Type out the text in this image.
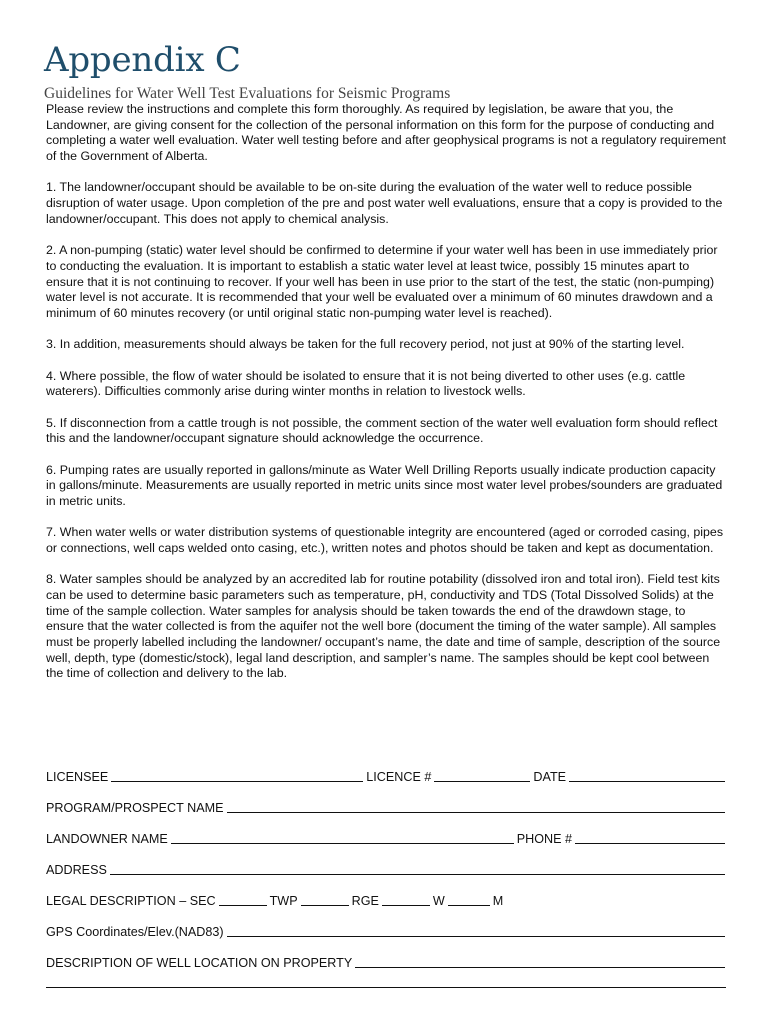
Appendix C

Guidelines for Water Well Test Evaluations for Seismic Programs

Please review the instructions and complete this form thoroughly. As required by legislation, be aware that you, the Landowner, are giving consent for the collection of the personal information on this form for the purpose of conducting and completing a water well evaluation. Water well testing before and after geophysical programs is not a regulatory requirement of the Government of Alberta.

1. The landowner/occupant should be available to be on-site during the evaluation of the water well to reduce possible disruption of water usage. Upon completion of the pre and post water well evaluations, ensure that a copy is provided to the landowner/occupant. This does not apply to chemical analysis.

2. A non-pumping (static) water level should be confirmed to determine if your water well has been in use immediately prior to conducting the evaluation. It is important to establish a static water level at least twice, possibly 15 minutes apart to ensure that it is not continuing to recover. If your well has been in use prior to the start of the test, the static (non-pumping) water level is not accurate. It is recommended that your well be evaluated over a minimum of 60 minutes drawdown and a minimum of 60 minutes recovery (or until original static non-pumping water level is reached).

3. In addition, measurements should always be taken for the full recovery period, not just at 90% of the starting level.

4. Where possible, the flow of water should be isolated to ensure that it is not being diverted to other uses (e.g. cattle waterers). Difficulties commonly arise during winter months in relation to livestock wells.

5. If disconnection from a cattle trough is not possible, the comment section of the water well evaluation form should reflect this and the landowner/occupant signature should acknowledge the occurrence.

6. Pumping rates are usually reported in gallons/minute as Water Well Drilling Reports usually indicate production capacity in gallons/minute. Measurements are usually reported in metric units since most water level probes/sounders are graduated in metric units.

7. When water wells or water distribution systems of questionable integrity are encountered (aged or corroded casing, pipes or connections, well caps welded onto casing, etc.), written notes and photos should be taken and kept as documentation.

8. Water samples should be analyzed by an accredited lab for routine potability (dissolved iron and total iron). Field test kits can be used to determine basic parameters such as temperature, pH, conductivity and TDS (Total Dissolved Solids) at the time of the sample collection. Water samples for analysis should be taken towards the end of the drawdown stage, to ensure that the water collected is from the aquifer not the well bore (document the timing of the water sample). All samples must be properly labelled including the landowner/ occupant’s name, the date and time of sample, description of the source well, depth, type (domestic/stock), legal land description, and sampler’s name. The samples should be kept cool between the time of collection and delivery to the lab.

LICENSEE	LICENCE #	DATE
PROGRAM/PROSPECT NAME
LANDOWNER NAME	PHONE #
ADDRESS
LEGAL DESCRIPTION – SEC	TWP	RGE	W	M
GPS Coordinates/Elev.(NAD83)
DESCRIPTION OF WELL LOCATION ON PROPERTY
